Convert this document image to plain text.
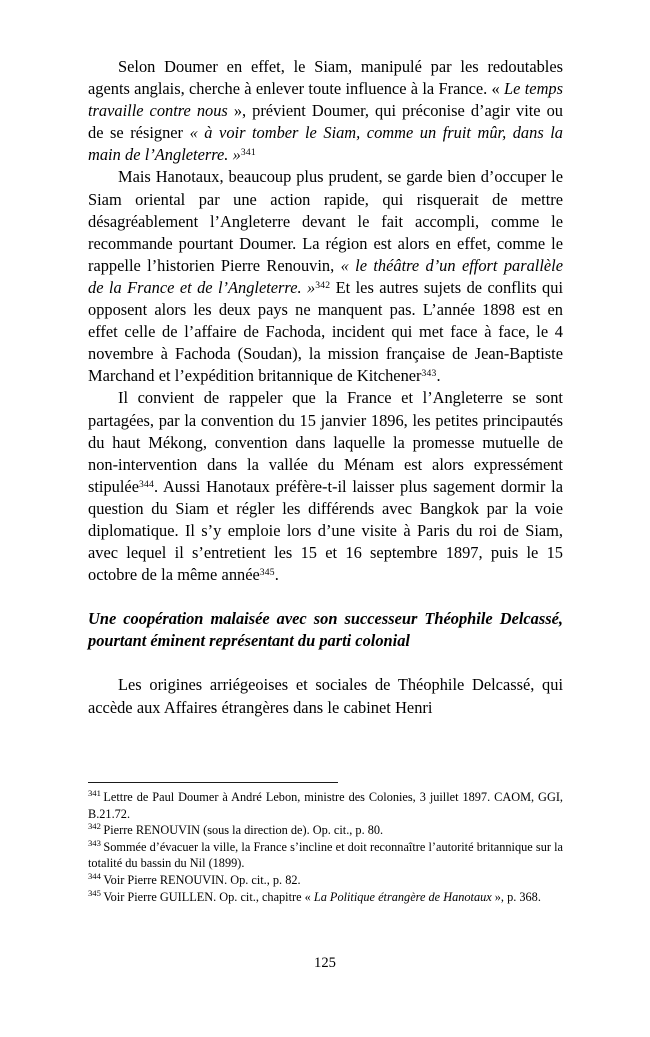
Selon Doumer en effet, le Siam, manipulé par les redoutables agents anglais, cherche à enlever toute influence à la France. « Le temps travaille contre nous », prévient Doumer, qui préconise d’agir vite ou de se résigner « à voir tomber le Siam, comme un fruit mûr, dans la main de l’Angleterre. »$^{341}$

Mais Hanotaux, beaucoup plus prudent, se garde bien d’occuper le Siam oriental par une action rapide, qui risquerait de mettre désagréablement l’Angleterre devant le fait accompli, comme le recommande pourtant Doumer. La région est alors en effet, comme le rappelle l’historien Pierre Renouvin, « le théâtre d’un effort parallèle de la France et de l’Angleterre. »$^{342}$ Et les autres sujets de conflits qui opposent alors les deux pays ne manquent pas. L’année 1898 est en effet celle de l’affaire de Fachoda, incident qui met face à face, le 4 novembre à Fachoda (Soudan), la mission française de Jean-Baptiste Marchand et l’expédition britannique de Kitchener$^{343}$.

Il convient de rappeler que la France et l’Angleterre se sont partagées, par la convention du 15 janvier 1896, les petites principautés du haut Mékong, convention dans laquelle la promesse mutuelle de non-intervention dans la vallée du Ménam est alors expressément stipulée$^{344}$. Aussi Hanotaux préfère-t-il laisser plus sagement dormir la question du Siam et régler les différends avec Bangkok par la voie diplomatique. Il s’y emploie lors d’une visite à Paris du roi de Siam, avec lequel il s’entretient les 15 et 16 septembre 1897, puis le 15 octobre de la même année$^{345}$.

Une coopération malaisée avec son successeur Théophile Delcassé, pourtant éminent représentant du parti colonial

Les origines arriégeoises et sociales de Théophile Delcassé, qui accède aux Affaires étrangères dans le cabinet Henri

$^{341}$ Lettre de Paul Doumer à André Lebon, ministre des Colonies, 3 juillet 1897. CAOM, GGI, B.21.72.

$^{342}$ Pierre RENOUVIN (sous la direction de). Op. cit., p. 80.

$^{343}$ Sommée d’évacuer la ville, la France s’incline et doit reconnaître l’autorité britannique sur la totalité du bassin du Nil (1899).

$^{344}$ Voir Pierre RENOUVIN. Op. cit., p. 82.

$^{345}$ Voir Pierre GUILLEN. Op. cit., chapitre « La Politique étrangère de Hanotaux », p. 368.

125
